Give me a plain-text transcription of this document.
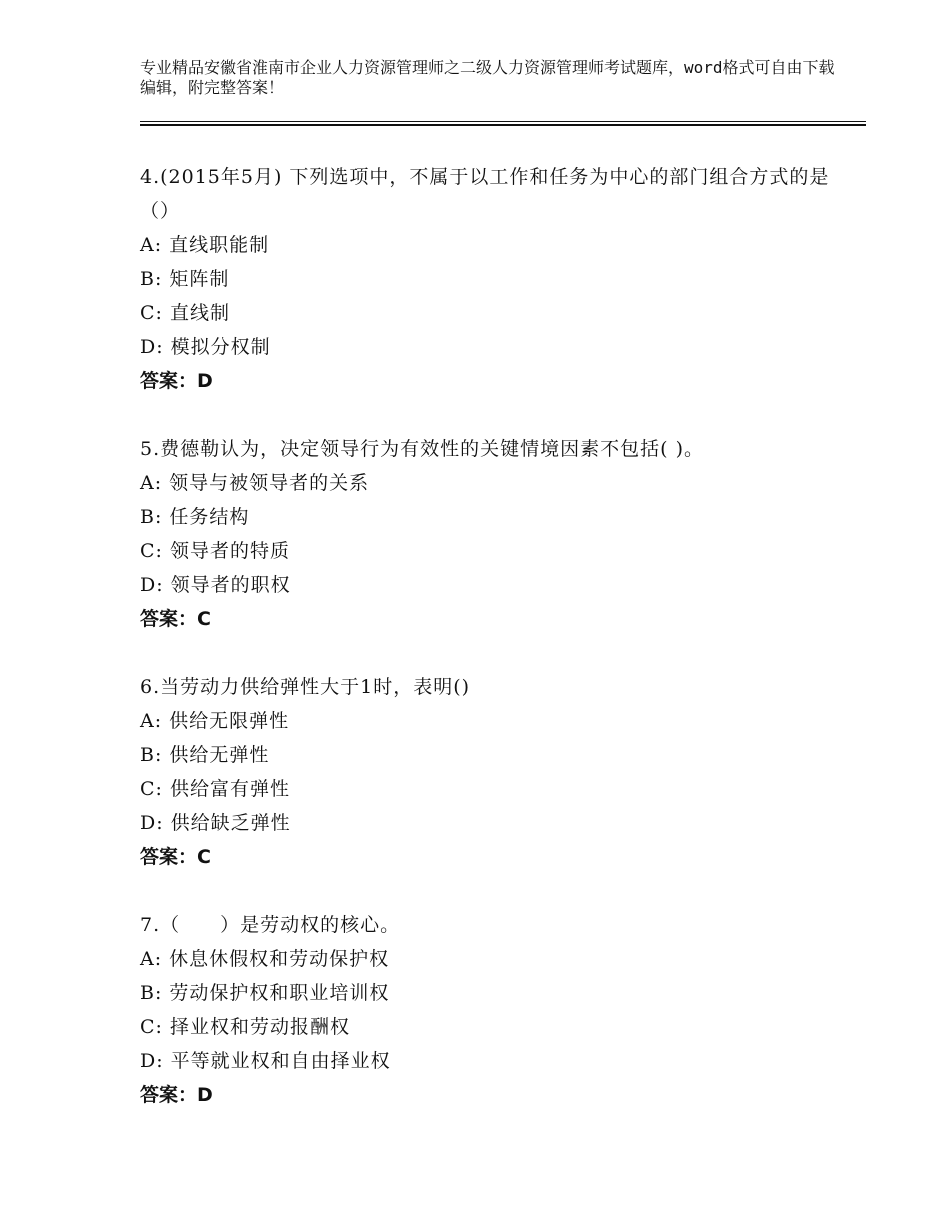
专业精品安徽省淮南市企业人力资源管理师之二级人力资源管理师考试题库，word格式可自由下载编辑，附完整答案！
4.(2015年5月) 下列选项中，不属于以工作和任务为中心的部门组合方式的是（）
A: 直线职能制
B: 矩阵制
C: 直线制
D: 模拟分权制
答案：D
5.费德勒认为，决定领导行为有效性的关键情境因素不包括( )。
A: 领导与被领导者的关系
B: 任务结构
C: 领导者的特质
D: 领导者的职权
答案：C
6.当劳动力供给弹性大于1时，表明()
A: 供给无限弹性
B: 供给无弹性
C: 供给富有弹性
D: 供给缺乏弹性
答案：C
7.（　　）是劳动权的核心。
A: 休息休假权和劳动保护权
B: 劳动保护权和职业培训权
C: 择业权和劳动报酬权
D: 平等就业权和自由择业权
答案：D
